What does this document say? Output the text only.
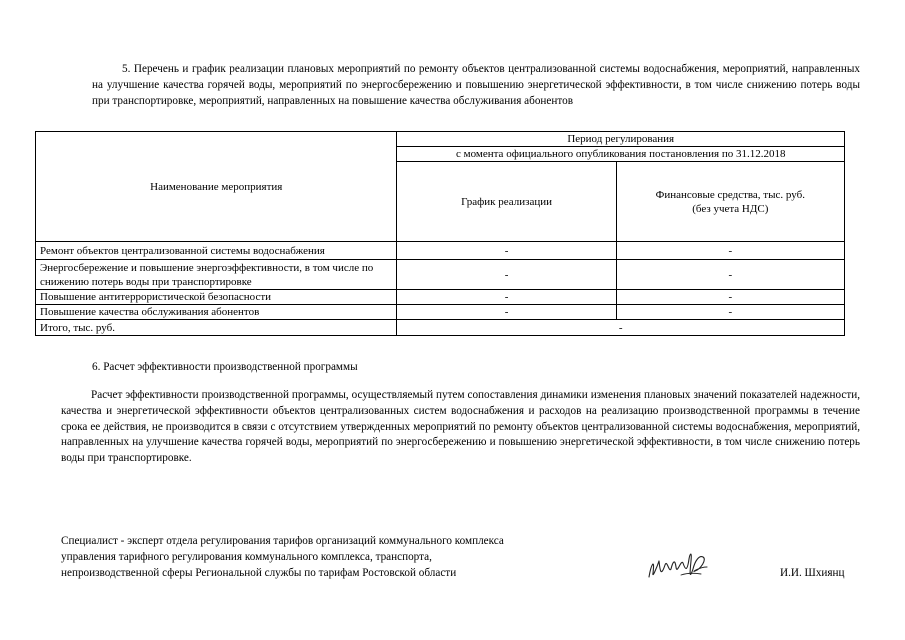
5. Перечень и график реализации плановых мероприятий по ремонту объектов централизованной системы водоснабжения, мероприятий, направленных на улучшение качества горячей воды, мероприятий по энергосбережению и повышению энергетической эффективности, в том числе снижению потерь воды при транспортировке, мероприятий, направленных на повышение качества обслуживания абонентов

Наименование мероприятия	Период регулирования	
	с момента официального опубликования постановления по 31.12.2018	
	График реализации	Финансовые средства, тыс. руб.
(без учета НДС)

Ремонт объектов централизованной системы водоснабжения	-	-
Энергосбережение и повышение энергоэффективности, в том числе по снижению потерь воды при транспортировке	-	-
Повышение антитеррористической безопасности	-	-
Повышение качества обслуживания абонентов	-	-
Итого, тыс. руб.	-	

6. Расчет эффективности производственной программы

Расчет эффективности производственной программы, осуществляемый путем сопоставления динамики изменения плановых значений показателей надежности, качества и энергетической эффективности объектов централизованных систем водоснабжения и расходов на реализацию производственной программы в течение срока ее действия, не производится в связи с отсутствием утвержденных мероприятий по ремонту объектов централизованной системы водоснабжения, мероприятий, направленных на улучшение качества горячей воды, мероприятий по энергосбережению и повышению энергетической эффективности, в том числе снижению потерь воды при транспортировке.

Специалист - эксперт отдела регулирования тарифов организаций коммунального комплекса
управления тарифного регулирования коммунального комплекса, транспорта,
непроизводственной сферы Региональной службы по тарифам Ростовской области	И.И. Шхиянц
